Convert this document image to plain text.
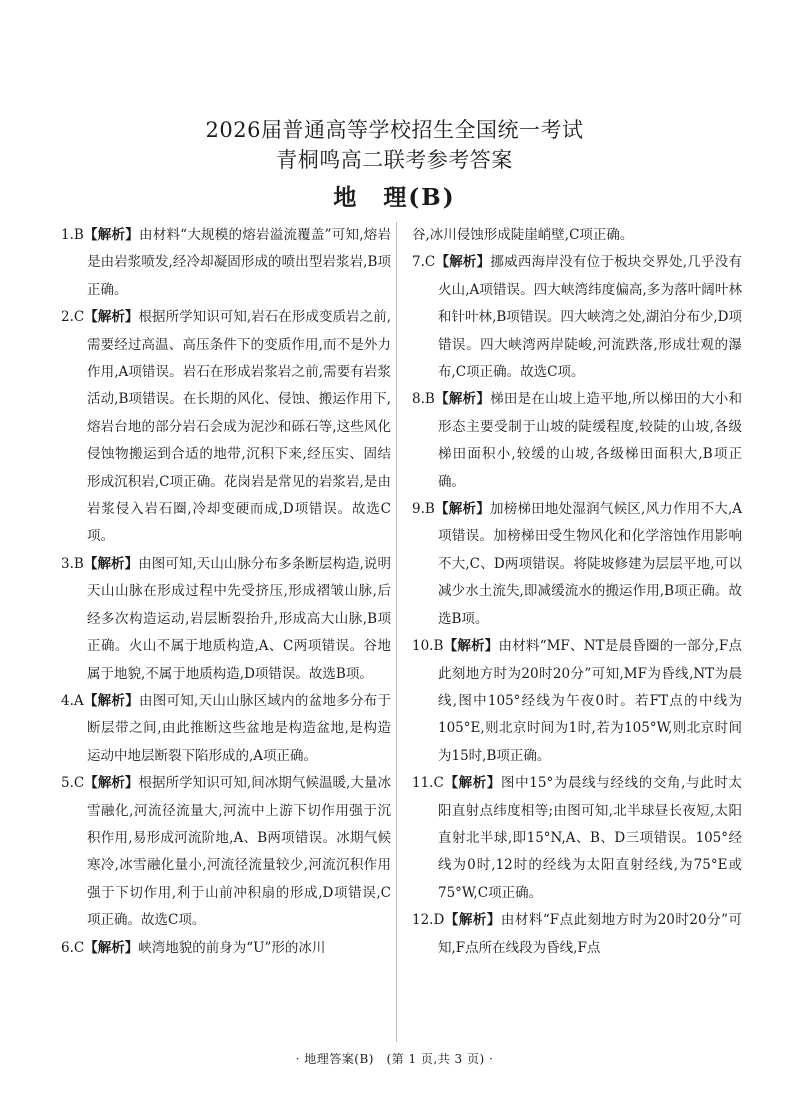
2026届普通高等学校招生全国统一考试
青桐鸣高二联考参考答案
地　理(B)

1.B【解析】由材料“大规模的熔岩溢流覆盖”可知,熔岩是由岩浆喷发,经冷却凝固形成的喷出型岩浆岩,B项正确。

2.C【解析】根据所学知识可知,岩石在形成变质岩之前,需要经过高温、高压条件下的变质作用,而不是外力作用,A项错误。岩石在形成岩浆岩之前,需要有岩浆活动,B项错误。在长期的风化、侵蚀、搬运作用下,熔岩台地的部分岩石会成为泥沙和砾石等,这些风化侵蚀物搬运到合适的地带,沉积下来,经压实、固结形成沉积岩,C项正确。花岗岩是常见的岩浆岩,是由岩浆侵入岩石圈,冷却变硬而成,D项错误。故选C项。

3.B【解析】由图可知,天山山脉分布多条断层构造,说明天山山脉在形成过程中先受挤压,形成褶皱山脉,后经多次构造运动,岩层断裂抬升,形成高大山脉,B项正确。火山不属于地质构造,A、C两项错误。谷地属于地貌,不属于地质构造,D项错误。故选B项。

4.A【解析】由图可知,天山山脉区域内的盆地多分布于断层带之间,由此推断这些盆地是构造盆地,是构造运动中地层断裂下陷形成的,A项正确。

5.C【解析】根据所学知识可知,间冰期气候温暖,大量冰雪融化,河流径流量大,河流中上游下切作用强于沉积作用,易形成河流阶地,A、B两项错误。冰期气候寒冷,冰雪融化量小,河流径流量较少,河流沉积作用强于下切作用,利于山前冲积扇的形成,D项错误,C项正确。故选C项。

6.C【解析】峡湾地貌的前身为“U”形的冰川

谷,冰川侵蚀形成陡崖峭壁,C项正确。

7.C【解析】挪威西海岸没有位于板块交界处,几乎没有火山,A项错误。四大峡湾纬度偏高,多为落叶阔叶林和针叶林,B项错误。四大峡湾之处,湖泊分布少,D项错误。四大峡湾两岸陡峻,河流跌落,形成壮观的瀑布,C项正确。故选C项。

8.B【解析】梯田是在山坡上造平地,所以梯田的大小和形态主要受制于山坡的陡缓程度,较陡的山坡,各级梯田面积小,较缓的山坡,各级梯田面积大,B项正确。

9.B【解析】加榜梯田地处湿润气候区,风力作用不大,A项错误。加榜梯田受生物风化和化学溶蚀作用影响不大,C、D两项错误。将陡坡修建为层层平地,可以减少水土流失,即减缓流水的搬运作用,B项正确。故选B项。

10.B【解析】由材料“MF、NT是晨昏圈的一部分,F点此刻地方时为20时20分”可知,MF为昏线,NT为晨线,图中105°经线为午夜0时。若FT点的中线为105°E,则北京时间为1时,若为105°W,则北京时间为15时,B项正确。

11.C【解析】图中15°为晨线与经线的交角,与此时太阳直射点纬度相等;由图可知,北半球昼长夜短,太阳直射北半球,即15°N,A、B、D三项错误。105°经线为0时,12时的经线为太阳直射经线,为75°E或75°W,C项正确。

12.D【解析】由材料“F点此刻地方时为20时20分”可知,F点所在线段为昏线,F点

· 地理答案(B)　(第 1 页,共 3 页) ·
